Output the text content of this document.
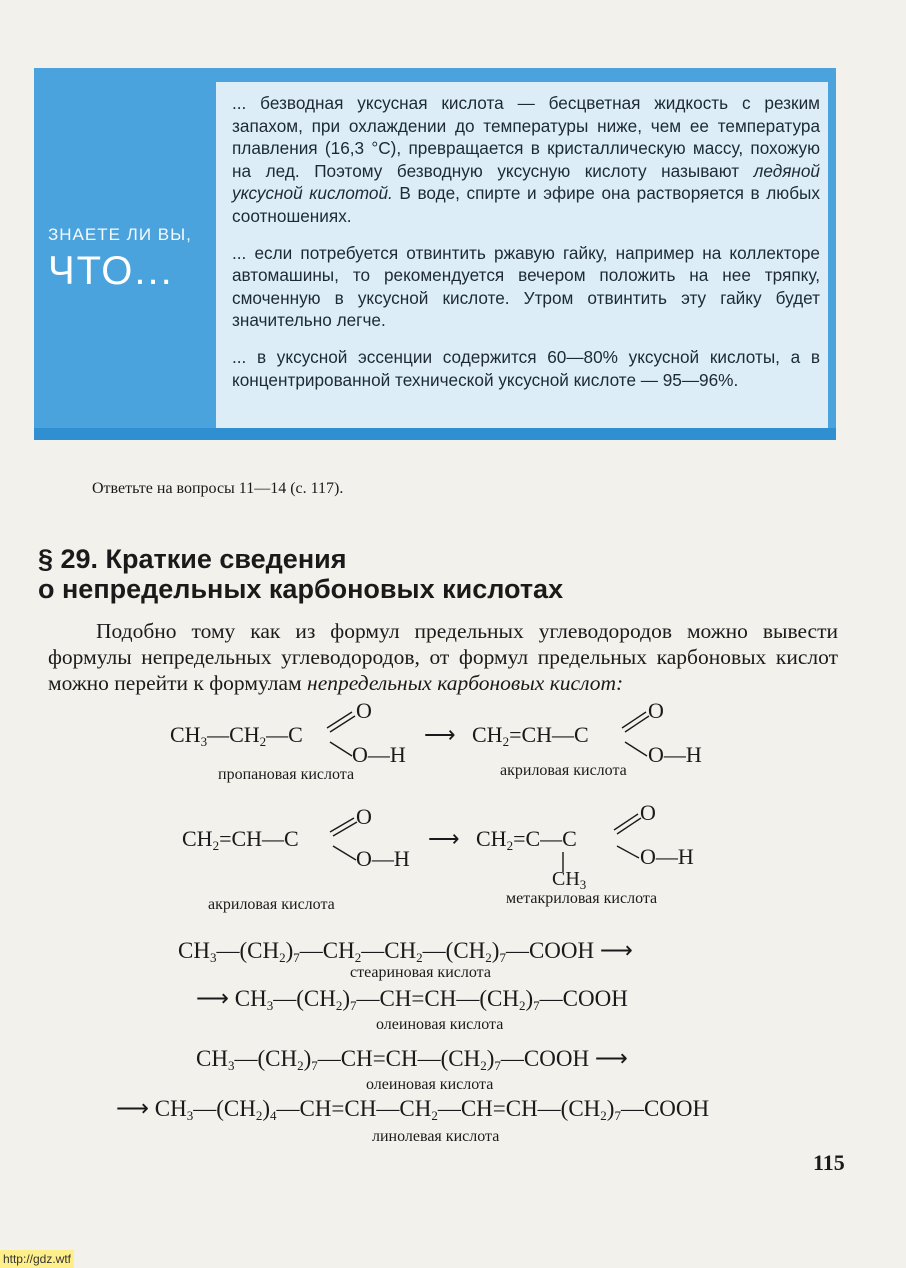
ЗНАЕТЕ ЛИ ВЫ,
ЧТО...

... безводная уксусная кислота — бесцветная жидкость с резким запахом, при охлаждении до температуры ниже, чем ее температура плавления (16,3 °С), превращается в кристаллическую массу, похожую на лед. Поэтому безводную уксусную кислоту называют ледяной уксусной кислотой. В воде, спирте и эфире она растворяется в любых соотношениях.

... если потребуется отвинтить ржавую гайку, например на коллекторе автомашины, то рекомендуется вечером положить на нее тряпку, смоченную в уксусной кислоте. Утром отвинтить эту гайку будет значительно легче.

... в уксусной эссенции содержится 60—80% уксусной кислоты, а в концентрированной технической уксусной кислоте — 95—96%.

Ответьте на вопросы 11—14 (с. 117).
§ 29. Краткие сведения
о непредельных карбоновых кислотах
Подобно тому как из формул предельных углеводородов можно вывести формулы непредельных углеводородов, от формул предельных карбоновых кислот можно перейти к формулам непредельных карбоновых кислот:
$CH_3—CH_2—C$
O
O—H
⟶ $CH_2=CH—C$
O
O—H
пропановая кислота	акриловая кислота
$CH_2=CH—C$
O
O—H
⟶ $CH_2=C—C$
O
O—H
$CH_3$
акриловая кислота	метакриловая кислота
$CH_3—(CH_2)_7—CH_2—CH_2—(CH_2)_7—COOH$ ⟶
стеариновая кислота
⟶ $CH_3—(CH_2)_7—CH=CH—(CH_2)_7—COOH$
олеиновая кислота
$CH_3—(CH_2)_7—CH=CH—(CH_2)_7—COOH$ ⟶
олеиновая кислота
⟶ $CH_3—(CH_2)_4—CH=CH—CH_2—CH=CH—(CH_2)_7—COOH$
линолевая кислота
115
http://gdz.wtf
